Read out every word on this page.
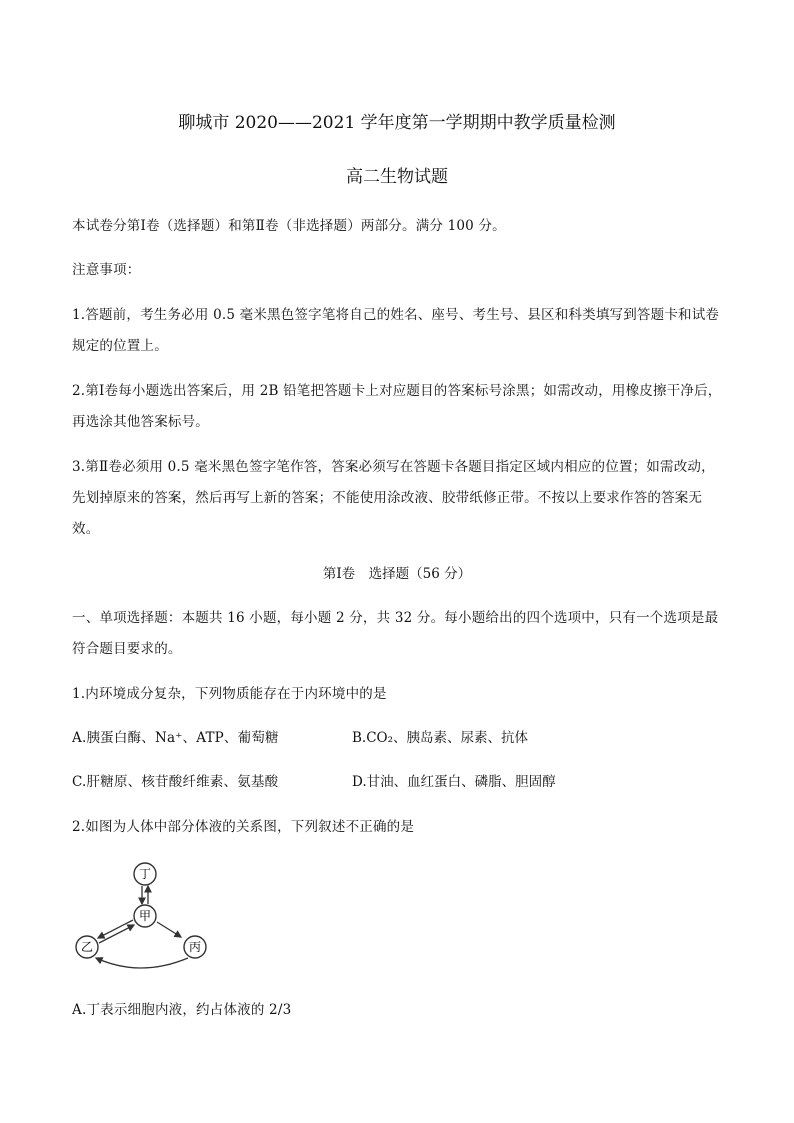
聊城市 2020——2021 学年度第一学期期中教学质量检测
高二生物试题
本试卷分第Ⅰ卷（选择题）和第Ⅱ卷（非选择题）两部分。满分 100 分。
注意事项：
1.答题前，考生务必用 0.5 毫米黑色签字笔将自己的姓名、座号、考生号、县区和科类填写到答题卡和试卷
规定的位置上。
2.第Ⅰ卷每小题选出答案后，用 2B 铅笔把答题卡上对应题目的答案标号涂黑；如需改动，用橡皮擦干净后，
再选涂其他答案标号。
3.第Ⅱ卷必须用 0.5 毫米黑色签字笔作答，答案必须写在答题卡各题目指定区域内相应的位置；如需改动，
先划掉原来的答案，然后再写上新的答案；不能使用涂改液、胶带纸修正带。不按以上要求作答的答案无
效。
第Ⅰ卷　选择题（56 分）
一、单项选择题：本题共 16 小题，每小题 2 分，共 32 分。每小题给出的四个选项中，只有一个选项是最
符合题目要求的。
1.内环境成分复杂，下列物质能存在于内环境中的是
A.胰蛋白酶、Na⁺、ATP、葡萄糖	B.CO₂、胰岛素、尿素、抗体
C.肝糖原、核苷酸纤维素、氨基酸	D.甘油、血红蛋白、磷脂、胆固醇
2.如图为人体中部分体液的关系图，下列叙述不正确的是
丁
甲
乙	丙
A.丁表示细胞内液，约占体液的 2/3
